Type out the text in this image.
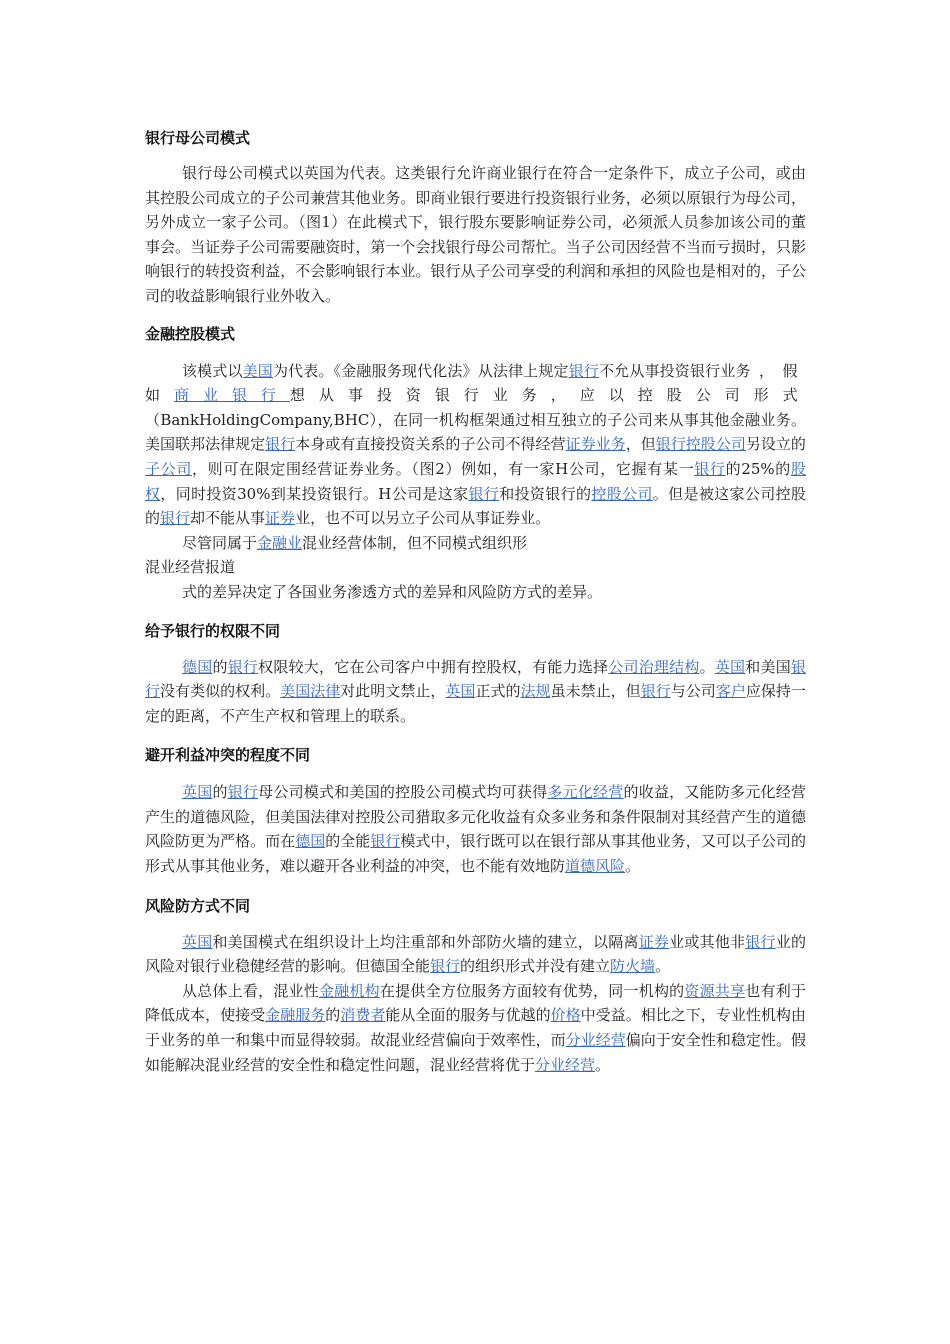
银行母公司模式

银行母公司模式以英国为代表。这类银行允许商业银行在符合一定条件下，成立子公司，或由其控股公司成立的子公司兼营其他业务。即商业银行要进行投资银行业务，必须以原银行为母公司，另外成立一家子公司。（图1）在此模式下，银行股东要影响证券公司，必须派人员参加该公司的董事会。当证券子公司需要融资时，第一个会找银行母公司帮忙。当子公司因经营不当而亏损时，只影响银行的转投资利益，不会影响银行本业。银行从子公司享受的利润和承担的风险也是相对的，子公司的收益影响银行业外收入。

金融控股模式

该模式以美国为代表。《金融服务现代化法》从法律上规定银行不允从事投资银行业务，假如商业银行想从事投资银行业务，应以控股公司形式（BankHoldingCompany,BHC），在同一机构框架通过相互独立的子公司来从事其他金融业务。美国联邦法律规定银行本身或有直接投资关系的子公司不得经营证券业务，但银行控股公司另设立的子公司，则可在限定围经营证券业务。（图2）例如，有一家H公司，它握有某一银行的25%的股权，同时投资30%到某投资银行。H公司是这家银行和投资银行的控股公司。但是被这家公司控股的银行却不能从事证券业，也不可以另立子公司从事证券业。

尽管同属于金融业混业经营体制，但不同模式组织形

混业经营报道

式的差异决定了各国业务渗透方式的差异和风险防方式的差异。

给予银行的权限不同

德国的银行权限较大，它在公司客户中拥有控股权，有能力选择公司治理结构。英国和美国银行没有类似的权利。美国法律对此明文禁止，英国正式的法规虽未禁止，但银行与公司客户应保持一定的距离，不产生产权和管理上的联系。

避开利益冲突的程度不同

英国的银行母公司模式和美国的控股公司模式均可获得多元化经营的收益，又能防多元化经营产生的道德风险，但美国法律对控股公司猎取多元化收益有众多业务和条件限制对其经营产生的道德风险防更为严格。而在德国的全能银行模式中，银行既可以在银行部从事其他业务，又可以子公司的形式从事其他业务，难以避开各业利益的冲突，也不能有效地防道德风险。

风险防方式不同

英国和美国模式在组织设计上均注重部和外部防火墙的建立，以隔离证券业或其他非银行业的风险对银行业稳健经营的影响。但德国全能银行的组织形式并没有建立防火墙。

从总体上看，混业性金融机构在提供全方位服务方面较有优势，同一机构的资源共享也有利于降低成本，使接受金融服务的消费者能从全面的服务与优越的价格中受益。相比之下，专业性机构由于业务的单一和集中而显得较弱。故混业经营偏向于效率性，而分业经营偏向于安全性和稳定性。假如能解决混业经营的安全性和稳定性问题，混业经营将优于分业经营。
